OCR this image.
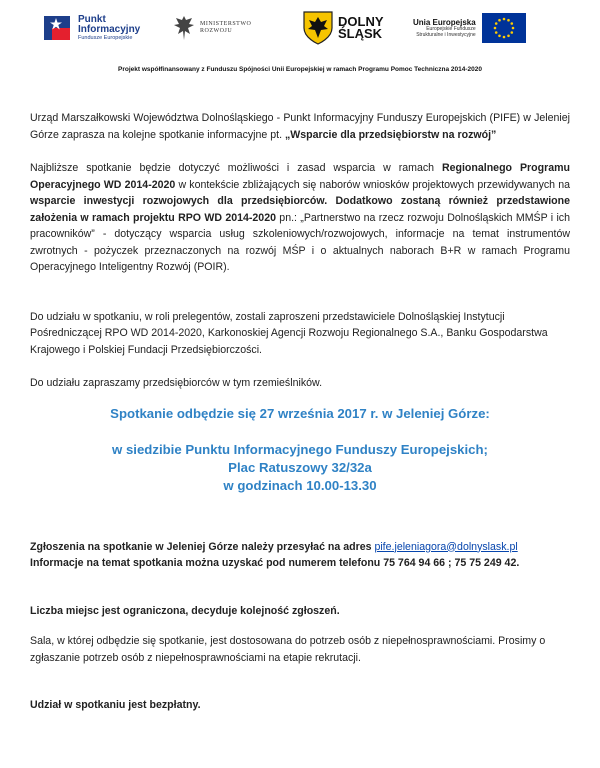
Punkt
Informacyjny
Fundusze Europejskie
MINISTERSTWO
ROZWOJU
DOLNY
ŚLĄSK
Unia Europejska
Europejskie Fundusze
Strukturalne i Inwestycyjne
Projekt współfinansowany z Funduszu Spójności Unii Europejskiej w ramach Programu Pomoc Techniczna 2014-2020

Urząd Marszałkowski Województwa Dolnośląskiego - Punkt Informacyjny Funduszy Europejskich (PIFE) w Jeleniej Górze zaprasza na kolejne spotkanie informacyjne pt. „Wsparcie dla przedsiębiorstw na rozwój”

Najbliższe spotkanie będzie dotyczyć możliwości i zasad wsparcia w ramach Regionalnego Programu Operacyjnego WD 2014-2020 w kontekście zbliżających się naborów wniosków projektowych przewidywanych na wsparcie inwestycji rozwojowych dla przedsiębiorców. Dodatkowo zostaną również przedstawione założenia w ramach projektu RPO WD 2014-2020 pn.: „Partnerstwo na rzecz rozwoju Dolnośląskich MMŚP i ich pracowników” - dotyczący wsparcia usług szkoleniowych/rozwojowych, informacje na temat instrumentów zwrotnych - pożyczek przeznaczonych na rozwój MŚP i o aktualnych naborach B+R w ramach Programu Operacyjnego Inteligentny Rozwój (POIR).

Do udziału w spotkaniu, w roli prelegentów, zostali zaproszeni przedstawiciele Dolnośląskiej Instytucji Pośredniczącej RPO WD 2014-2020, Karkonoskiej Agencji Rozwoju Regionalnego S.A., Banku Gospodarstwa Krajowego i Polskiej Fundacji Przedsiębiorczości.

Do udziału zapraszamy przedsiębiorców w tym rzemieślników.

Spotkanie odbędzie się 27 września 2017 r. w Jeleniej Górze:

w siedzibie Punktu Informacyjnego Funduszy Europejskich;

Plac Ratuszowy 32/32a

w godzinach 10.00-13.30

Zgłoszenia na spotkanie w Jeleniej Górze należy przesyłać na adres pife.jeleniagora@dolnyslask.pl

Informacje na temat spotkania można uzyskać pod numerem telefonu 75 764 94 66 ; 75 75 249 42.

Liczba miejsc jest ograniczona, decyduje kolejność zgłoszeń.

Sala, w której odbędzie się spotkanie, jest dostosowana do potrzeb osób z niepełnosprawnościami. Prosimy o zgłaszanie potrzeb osób z niepełnosprawnościami na etapie rekrutacji.

Udział w spotkaniu jest bezpłatny.
